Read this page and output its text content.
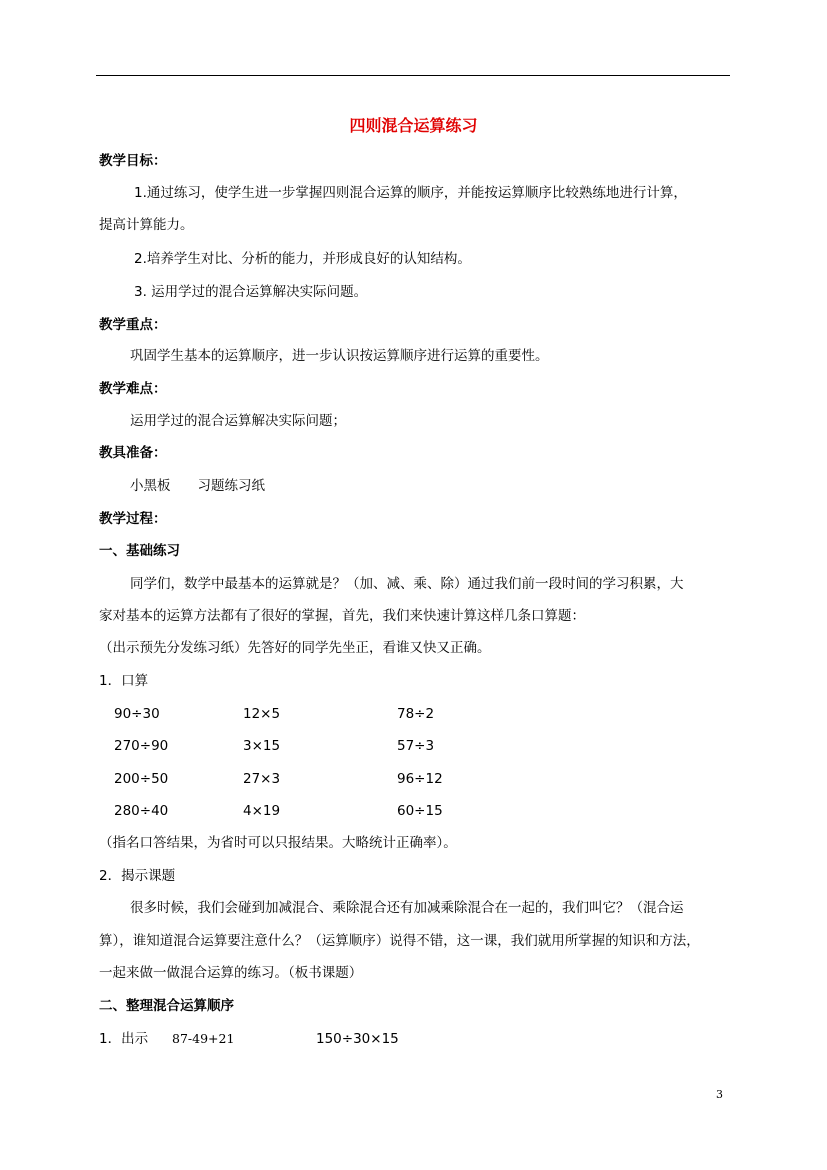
四则混合运算练习
教学目标：
1.通过练习，使学生进一步掌握四则混合运算的顺序，并能按运算顺序比较熟练地进行计算，
提高计算能力。
2.培养学生对比、分析的能力，并形成良好的认知结构。
3. 运用学过的混合运算解决实际问题。
教学重点：
巩固学生基本的运算顺序，进一步认识按运算顺序进行运算的重要性。
教学难点：
运用学过的混合运算解决实际问题；
教具准备：
小黑板　　习题练习纸
教学过程：
一、基础练习
同学们，数学中最基本的运算就是？（加、减、乘、除）通过我们前一段时间的学习积累，大
家对基本的运算方法都有了很好的掌握，首先，我们来快速计算这样几条口算题：
（出示预先分发练习纸）先答好的同学先坐正，看谁又快又正确。
1．口算
90÷30	12×5	78÷2
270÷90	3×15	57÷3
200÷50	27×3	96÷12
280÷40	4×19	60÷15
（指名口答结果，为省时可以只报结果。大略统计正确率）。
2．揭示课题
很多时候，我们会碰到加减混合、乘除混合还有加减乘除混合在一起的，我们叫它？（混合运
算），谁知道混合运算要注意什么？（运算顺序）说得不错，这一课，我们就用所掌握的知识和方法，
一起来做一做混合运算的练习。（板书课题）
二、整理混合运算顺序
1．出示 87-49+21	150÷30×15
3
